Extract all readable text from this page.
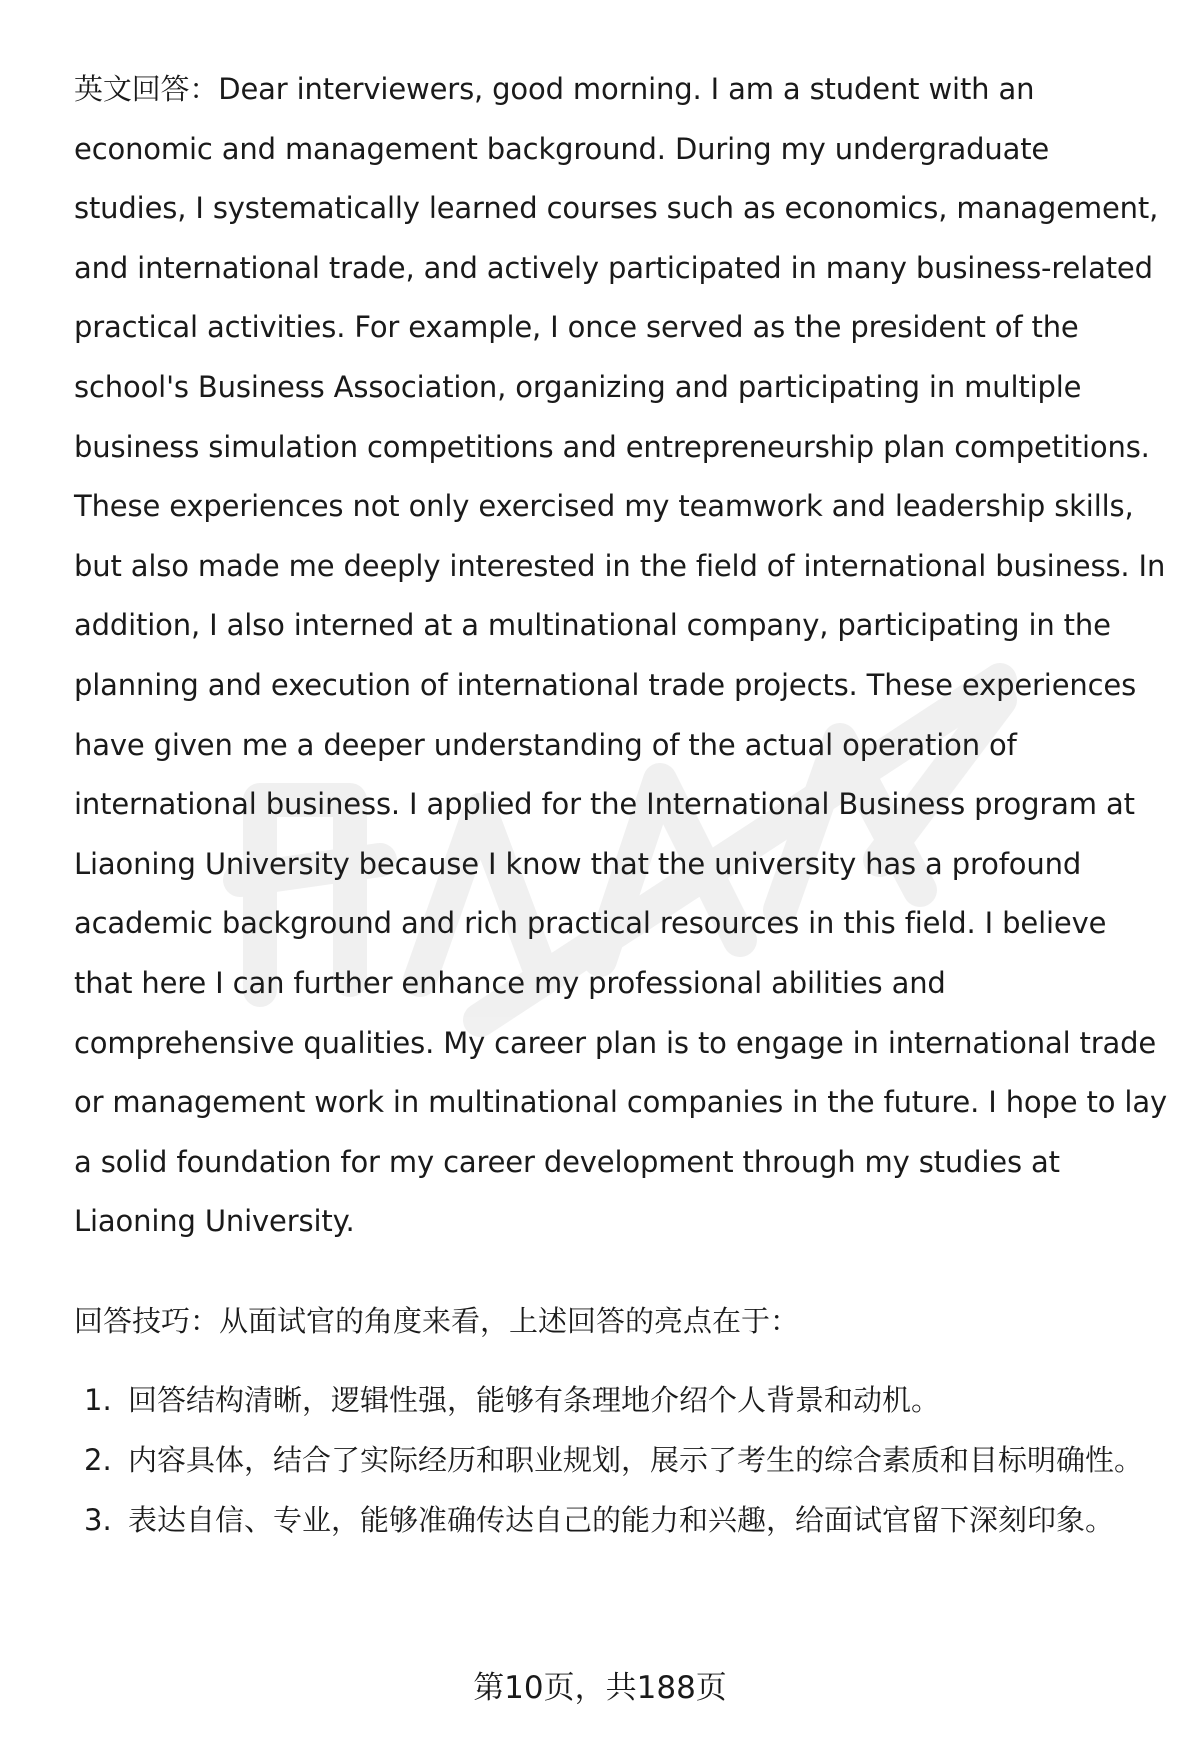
英文回答：Dear interviewers, good morning. I am a student with an economic and management background. During my undergraduate studies, I systematically learned courses such as economics, management, and international trade, and actively participated in many business-related practical activities. For example, I once served as the president of the school's Business Association, organizing and participating in multiple business simulation competitions and entrepreneurship plan competitions. These experiences not only exercised my teamwork and leadership skills, but also made me deeply interested in the field of international business. In addition, I also interned at a multinational company, participating in the planning and execution of international trade projects. These experiences have given me a deeper understanding of the actual operation of international business. I applied for the International Business program at Liaoning University because I know that the university has a profound academic background and rich practical resources in this field. I believe that here I can further enhance my professional abilities and comprehensive qualities. My career plan is to engage in international trade or management work in multinational companies in the future. I hope to lay a solid foundation for my career development through my studies at Liaoning University.

回答技巧：从面试官的角度来看，上述回答的亮点在于：

1. 回答结构清晰，逻辑性强，能够有条理地介绍个人背景和动机。
2. 内容具体，结合了实际经历和职业规划，展示了考生的综合素质和目标明确性。
3. 表达自信、专业，能够准确传达自己的能力和兴趣，给面试官留下深刻印象。
第10页，共188页
